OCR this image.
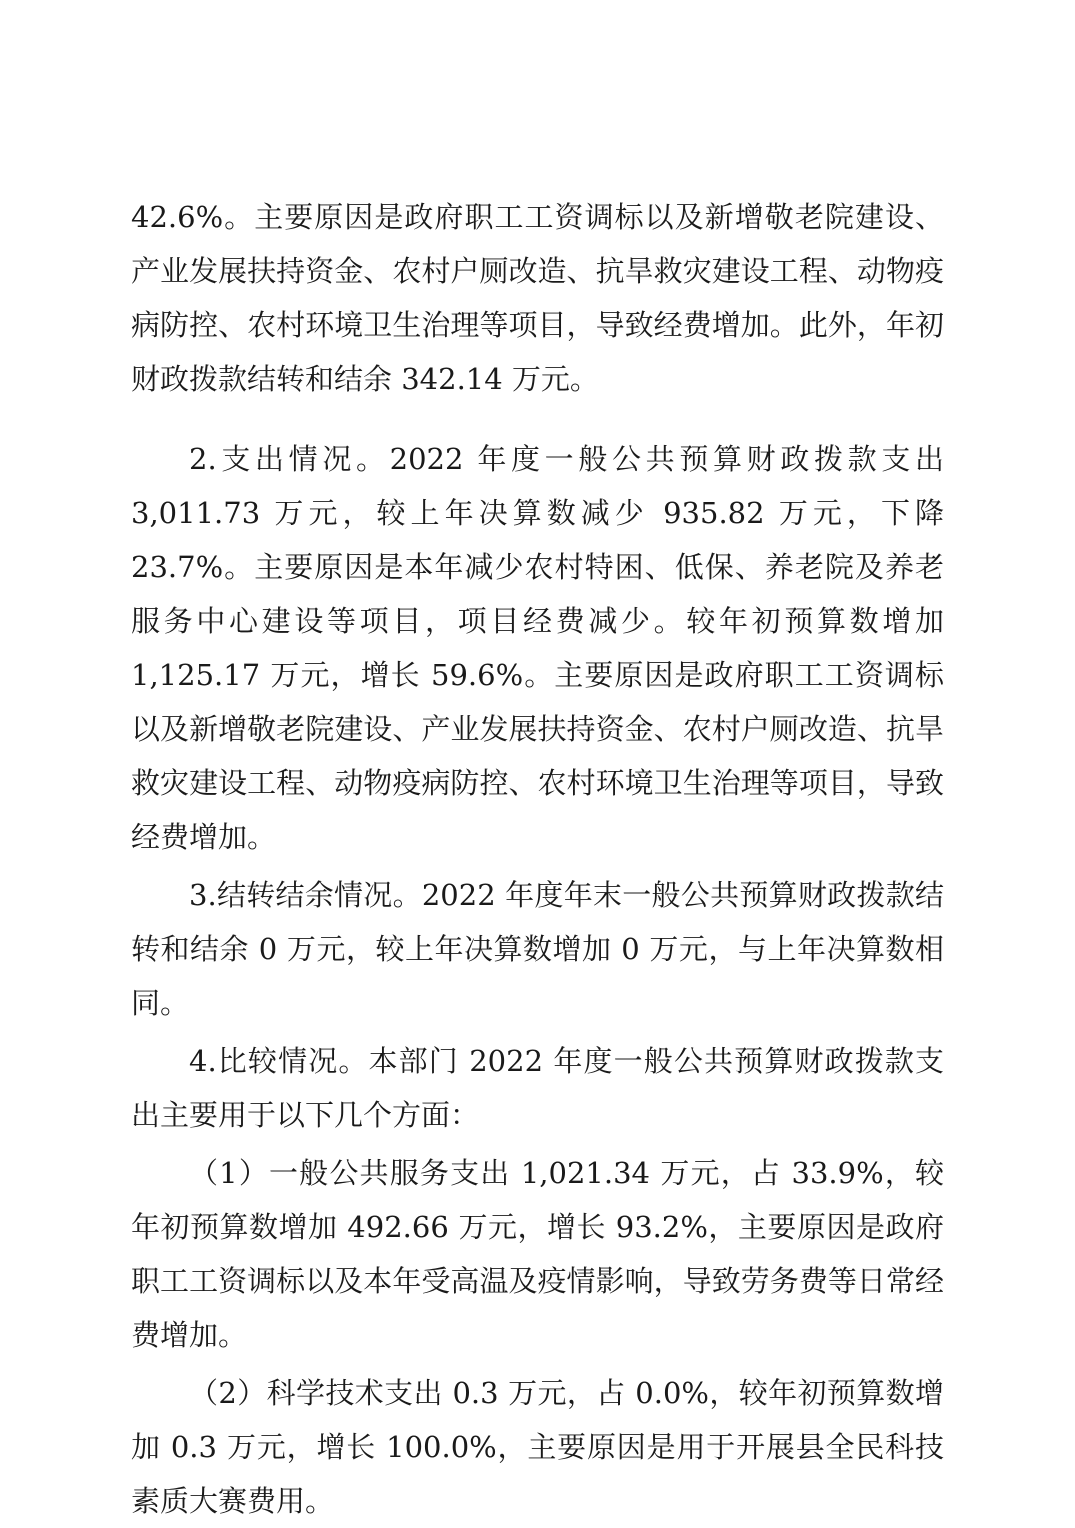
42.6%。主要原因是政府职工工资调标以及新增敬老院建设、产业发展扶持资金、农村户厕改造、抗旱救灾建设工程、动物疫病防控、农村环境卫生治理等项目，导致经费增加。此外，年初财政拨款结转和结余 342.14 万元。

2.支出情况。2022 年度一般公共预算财政拨款支出 3,011.73 万元，较上年决算数减少 935.82 万元，下降 23.7%。主要原因是本年减少农村特困、低保、养老院及养老服务中心建设等项目，项目经费减少。较年初预算数增加 1,125.17 万元，增长 59.6%。主要原因是政府职工工资调标以及新增敬老院建设、产业发展扶持资金、农村户厕改造、抗旱救灾建设工程、动物疫病防控、农村环境卫生治理等项目，导致经费增加。

3.结转结余情况。2022 年度年末一般公共预算财政拨款结转和结余 0 万元，较上年决算数增加 0 万元，与上年决算数相同。

4.比较情况。本部门 2022 年度一般公共预算财政拨款支出主要用于以下几个方面：

（1）一般公共服务支出 1,021.34 万元，占 33.9%，较年初预算数增加 492.66 万元，增长 93.2%，主要原因是政府职工工资调标以及本年受高温及疫情影响，导致劳务费等日常经费增加。

（2）科学技术支出 0.3 万元，占 0.0%，较年初预算数增加 0.3 万元，增长 100.0%，主要原因是用于开展县全民科技素质大赛费用。
